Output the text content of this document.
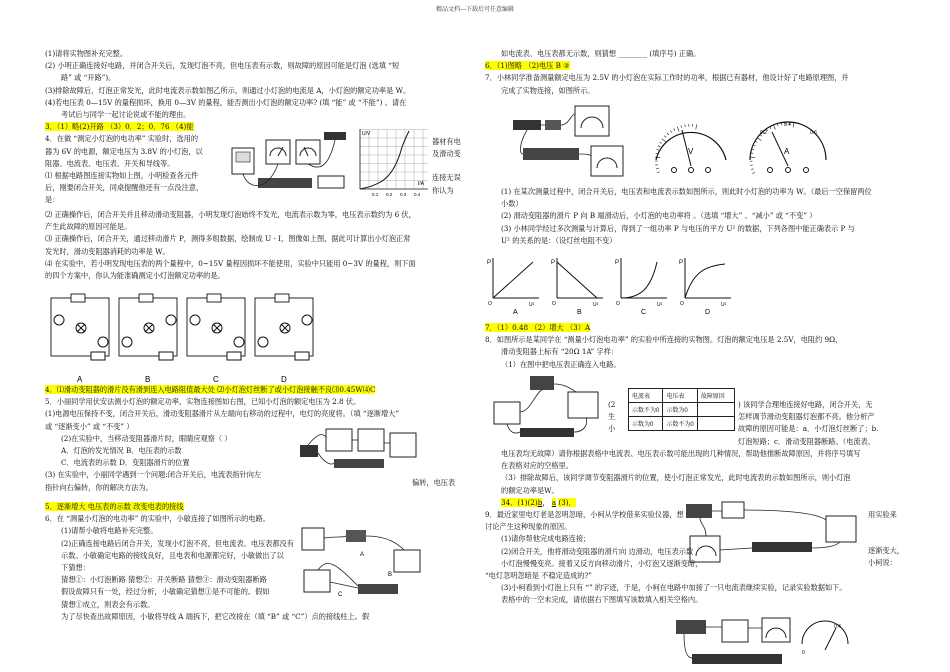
精品文档---下载后可任意编辑
(1)请将实物图补充完整。
(2) 小明正确连接好电路，并闭合开关后，发现灯泡不亮，但电压表有示数，则故障的原因可能是灯泡 (选填 “短
路” 或 “开路”)。
(3)排除故障后，灯泡正常发光，此时电流表示数如图乙所示，则通过小灯泡的电流是 A，小灯泡的额定功率是 W。
(4)若电压表 0—15V 的量程损坏，换用 0—3V 的量程，能否测出小灯泡的额定功率? (填 “能” 或 “不能”) 。请在
考试后与同学一起讨论说或不能的理由。
3．（1）略(2)开路 （3）0．2；0．76 （4)能
4．在做 “测定小灯泡的电功率” 实验时，选用的
器为 6V 的电源，额定电压为 3.8V 的小灯泡，以
阻器、电流表、电压表、开关和导线等。
⑴ 根据电路图连接实物如上图，小明检查各元件
后，刚要闭合开关，同桌提醒他还有一点没注意，
是：
器材有电
及滑动变
连接无误
你认为
U/V
I/A
0.1 0.2 0.3 0.4
⑵ 正确操作后，闭合开关并且移动滑动变阻器，小明发现灯泡始终不发光，电流表示数为零，电压表示数约为 6 伏，
产生此故障的原因可能是。
⑶ 正确操作后，闭合开关，通过移动滑片 P，测得多组数据，绘制成 U - I，图像如上图，据此可计算出小灯泡正常
发光时，滑动变阻器消耗的功率是 W。
⑷ 在实验中，若小明发现电压表的两个量程中，0~15V 量程因损坏不能使用，实验中只能用 0~3V 的量程，则下面
的四个方案中，你认为能准确测定小灯泡额定功率的是。
A	B	C	D
4．⑴滑动变阻器的滑片没有滑到连入电路阻值最大处 ⑵小灯泡灯丝断了或小灯泡接触不良⑶0.45W⑷C
5．小丽同学用伏安法测小灯泡的额定功率，实物连接图如右图，已知小灯泡的额定电压为 2.8 伏。
(1)电源电压保持不变，闭合开关后，滑动变阻器滑片从左端向右移动的过程中，电灯的亮度将。（填 “逐渐增大”
或 “逐渐变小” 或 “不变” ）
(2)在实验中，当移动变阻器滑片时，眼睛应观察（ ）
A．灯泡的发光情况 B．电压表的示数
C．电流表的示数 D．变阻器滑片的位置
(3) 在实验中，小丽同学遇到一个问题:闭合开关后，电流表指针向左
指针向右偏转，你的解决方法为。
偏转，电压表
5．逐渐增大 电压表的示数 改变电表的接线
6．在 “测量小灯泡的电功率” 的实验中，小敏连接了如图所示的电路。
(1)请帮小敏将电路补充完整。
(2)正确连接电路后闭合开关，发现小灯泡不亮，但电流表、电压表都没有
示数。小敏确定电路的接线良好，且电表和电源都完好，小敏做出了以
下猜想：
猜想①：小灯泡断路 猜想②：开关断路 猜想③：滑动变阻器断路
假设故障只有一处，经过分析，小敏确定猜想①是不可能的。假如
猜想①成立，则表会有示数。
为了尽快查出故障原因，小敏将导线 A 端拆下，把它改接在（填 “B” 或 “C”）点的接线柱上。假
A
B
C
如电流表、电压表都无示数，则猜想 ________ (填序号) 正确。
6．（1)图略 （2)电压 B ③
7．小林同学准备测量额定电压为 2.5V 的小灯泡在实际工作时的功率，根据已有器材，他设计好了电路原理图，并
完成了实物连接，如图所示。
V	A
0.2
0.4
0.6
(1) 在某次测量过程中，闭合开关后，电压表和电流表示数如图所示，则此时小灯泡的功率为 W。（最后一空保留两位
小数）
(2) 滑动变阻器的滑片 P 向 B 端滑动后，小灯泡的电功率将 。（选填 “增大” 、“减小” 或 “不变” ）
(3) 小林同学经过多次测量与计算后，得到了一组功率 P 与电压的平方 U² 的数据，下列各图中能正确表示 P 与
U² 的关系的是：（设灯丝电阻不变）
P
U²
O
A
P
U²
O
B
P
U²
O
C
P
U²
O
D
7．（1）0.48 （2）增大 （3）A
8．如图所示是某同学在 “测量小灯泡电功率” 的实验中所连接的实物图。灯泡的额定电压是 2.5V，电阻约 9Ω，
滑动变阻器上标有 “20Ω 1A” 字样：
（1）在图中把电压表正确连入电路。
(2
生
小
电流表	电压表	故障原因
示数不为0	示数为0	
示数为0	示数不为0	
) 该同学合理地连接好电路，闭合开关，无
怎样调节滑动变阻器灯泡都不亮。他分析产
故障的原因可能是：a．小灯泡灯丝断了；b.
灯泡短路；c．滑动变阻器断路。（电流表、
电压表均无故障）请你根据表格中电流表、电压表示数可能出现的几种情况，帮助他推断故障原因，并将序号填写
在表格对应的空格里。
（3）排除故障后，该同学调节变阻器滑片的位置，使小灯泡正常发光，此时电流表的示数如图所示，则小灯泡
的额定功率是W。
34．(1)(2)b， a (3)．
9．最近家里电灯老是忽明忽暗，小柯从学校借来实验仪器，想
讨论产生这种现象的原因。
(1)请你帮他完成电路连接；
(2)闭合开关，他将滑动变阻器的滑片向 边滑动，电压表示数
小灯泡慢慢变亮。接着又反方向移动滑片，小灯泡又逐渐变暗，
“电灯忽明忽暗是 不稳定造成的?”
(3)小柯看到小灯泡上只有 “” 的字迹，于是，小柯在电路中加接了一只电流表继续实验，记录实验数据如下。
表格中的一空未完成，请依据右下图填写该数填入相关空格内。
用实验来
逐渐变大，
小柯说：
0
0.4
